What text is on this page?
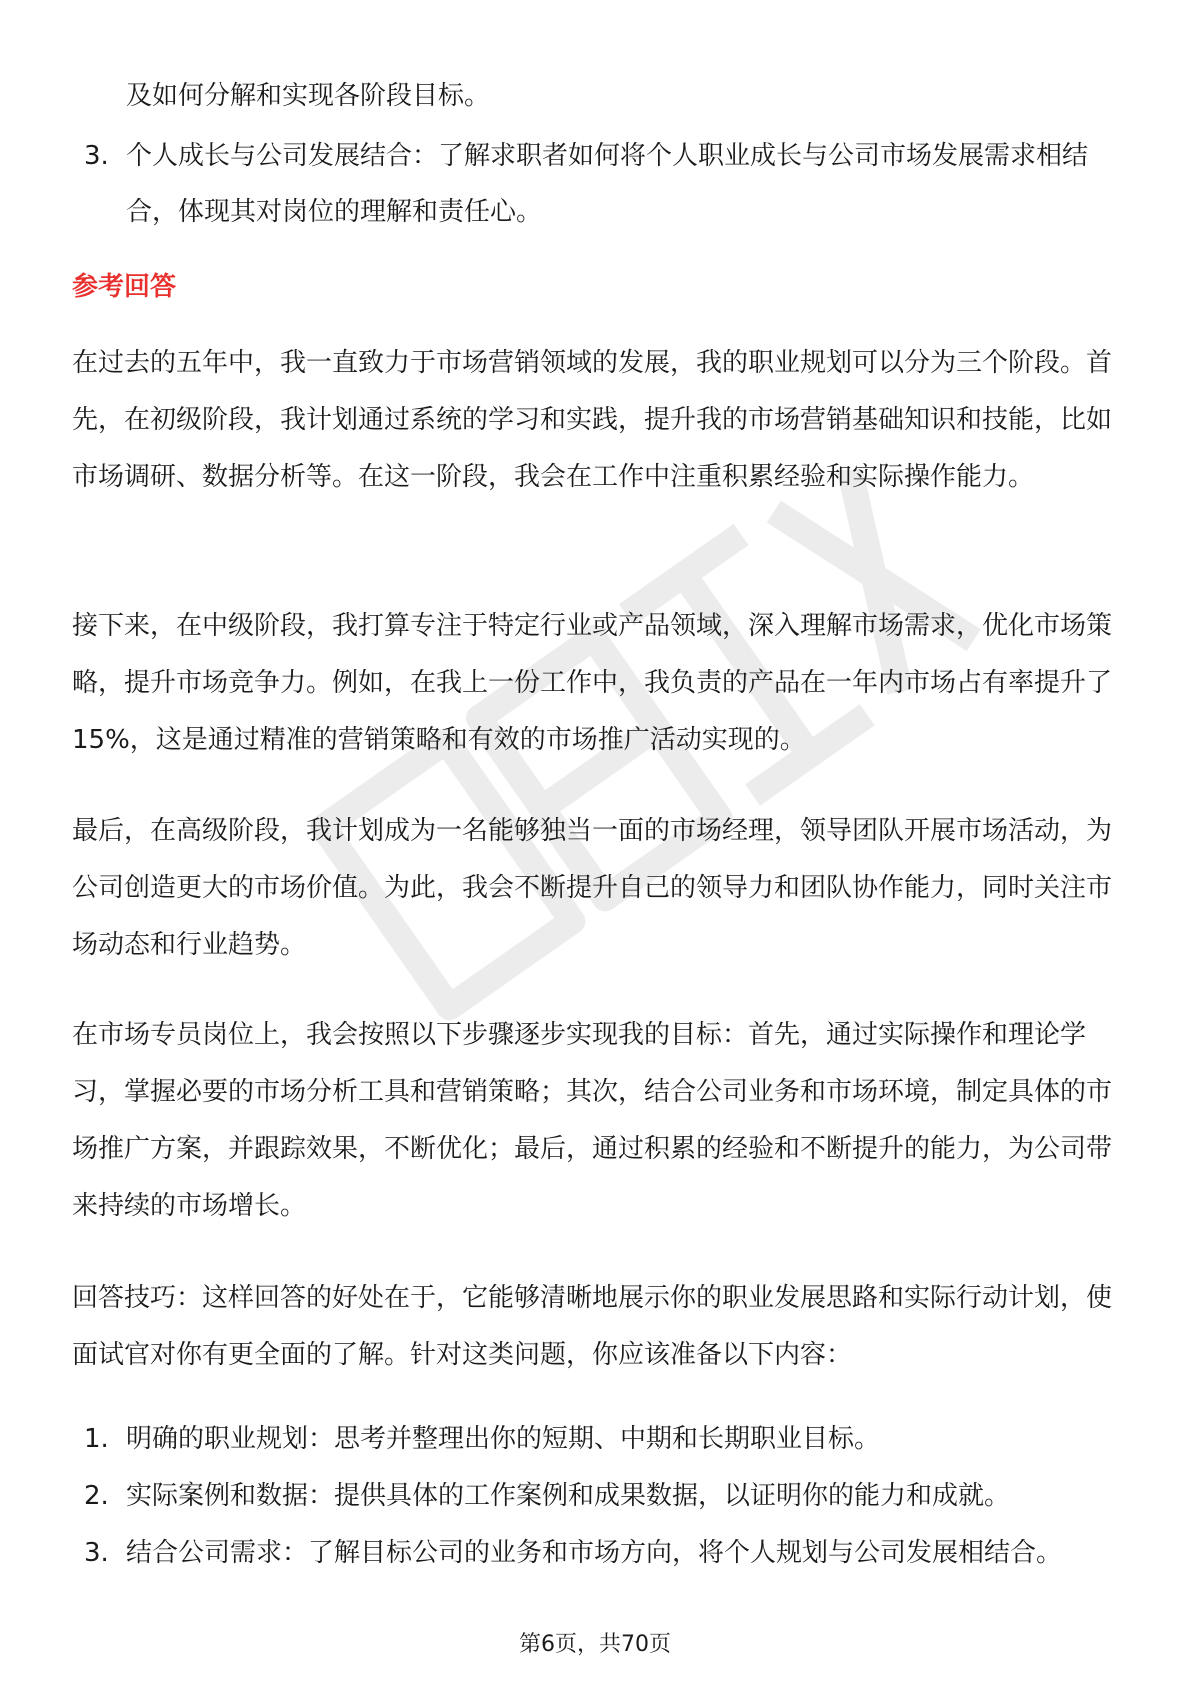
及如何分解和实现各阶段目标。

3. 个人成长与公司发展结合：了解求职者如何将个人职业成长与公司市场发展需求相结合，体现其对岗位的理解和责任心。
参考回答

在过去的五年中，我一直致力于市场营销领域的发展，我的职业规划可以分为三个阶段。首先，在初级阶段，我计划通过系统的学习和实践，提升我的市场营销基础知识和技能，比如市场调研、数据分析等。在这一阶段，我会在工作中注重积累经验和实际操作能力。

接下来，在中级阶段，我打算专注于特定行业或产品领域，深入理解市场需求，优化市场策略，提升市场竞争力。例如，在我上一份工作中，我负责的产品在一年内市场占有率提升了15%，这是通过精准的营销策略和有效的市场推广活动实现的。

最后，在高级阶段，我计划成为一名能够独当一面的市场经理，领导团队开展市场活动，为公司创造更大的市场价值。为此，我会不断提升自己的领导力和团队协作能力，同时关注市场动态和行业趋势。

在市场专员岗位上，我会按照以下步骤逐步实现我的目标：首先，通过实际操作和理论学习，掌握必要的市场分析工具和营销策略；其次，结合公司业务和市场环境，制定具体的市场推广方案，并跟踪效果，不断优化；最后，通过积累的经验和不断提升的能力，为公司带来持续的市场增长。

回答技巧：这样回答的好处在于，它能够清晰地展示你的职业发展思路和实际行动计划，使面试官对你有更全面的了解。针对这类问题，你应该准备以下内容：

1. 明确的职业规划：思考并整理出你的短期、中期和长期职业目标。
2. 实际案例和数据：提供具体的工作案例和成果数据，以证明你的能力和成就。
3. 结合公司需求：了解目标公司的业务和市场方向，将个人规划与公司发展相结合。

第6页，共70页
